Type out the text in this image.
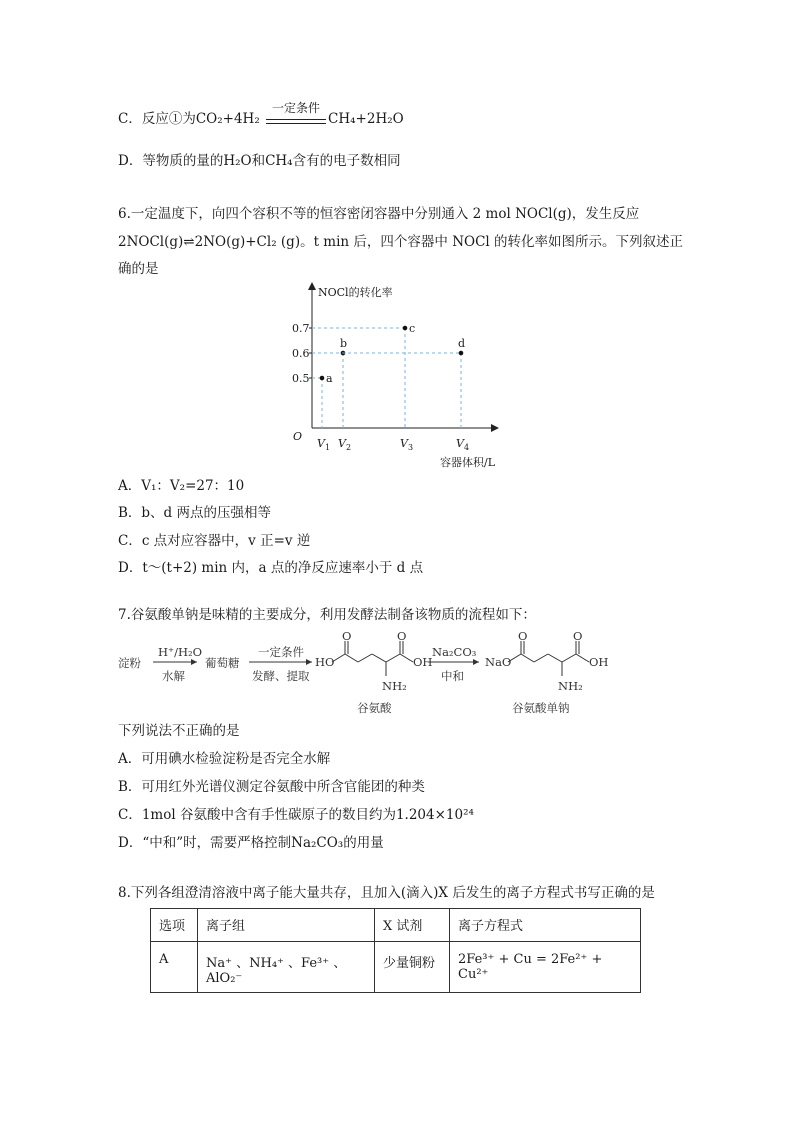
C．反应①为CO₂+4H₂
一定条件
CH₄+2H₂O
D．等物质的量的H₂O和CH₄含有的电子数相同
6.一定温度下，向四个容积不等的恒容密闭容器中分别通入 2 mol NOCl(g)，发生反应
2NOCl(g)⇌2NO(g)+Cl₂ (g)。t min 后，四个容器中 NOCl 的转化率如图所示。下列叙述正
确的是
NOCl的转化率
容器体积/L
O
0.5
0.6
0.7
$V_1$ $V_2$	$V_3$	$V_4$
a
b
c
d
A．V₁：V₂=27：10
B．b、d 两点的压强相等
C．c 点对应容器中，v 正=v 逆
D．t～(t+2) min 内，a 点的净反应速率小于 d 点
7.谷氨酸单钠是味精的主要成分，利用发酵法制备该物质的流程如下：
淀粉
H⁺/H₂O
水解
葡萄糖
一定条件
发酵、提取
HO
O	O
OH
NH₂
谷氨酸
Na₂CO₃
中和
NaO
O	O
OH
NH₂
谷氨酸单钠
下列说法不正确的是
A．可用碘水检验淀粉是否完全水解
B．可用红外光谱仪测定谷氨酸中所含官能团的种类
C．1mol 谷氨酸中含有手性碳原子的数目约为1.204×10²⁴
D．“中和”时，需要严格控制Na₂CO₃的用量
8.下列各组澄清溶液中离子能大量共存，且加入(滴入)X 后发生的离子方程式书写正确的是
选项	离子组	X 试剂	离子方程式
A	Na⁺ 、NH₄⁺ 、Fe³⁺ 、AlO₂⁻	少量铜粉	2Fe³⁺ + Cu = 2Fe²⁺ + Cu²⁺
